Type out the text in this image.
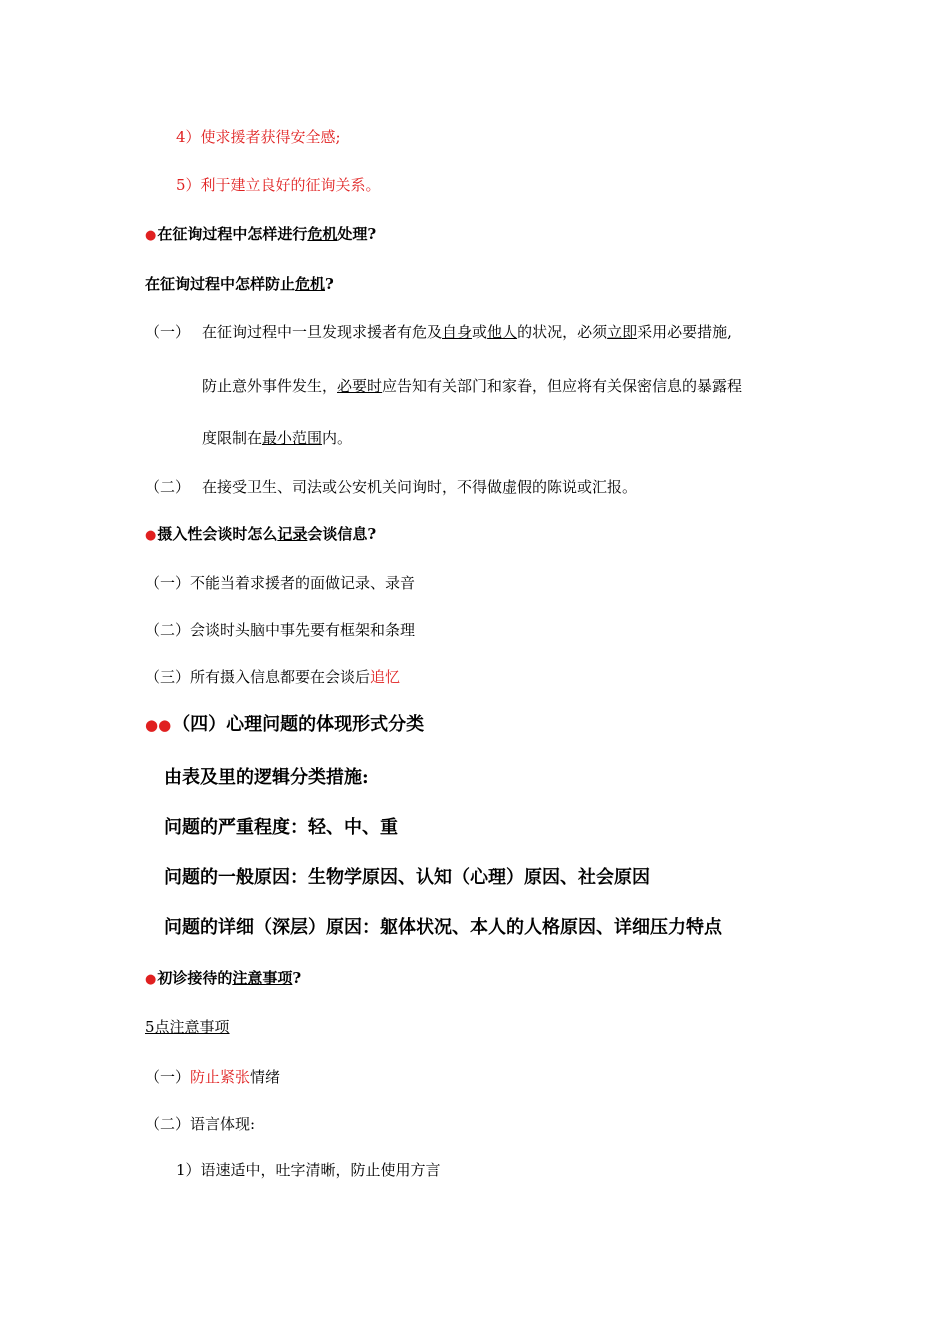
4）使求援者获得安全感;
5）利于建立良好的征询关系。
●在征询过程中怎样进行危机处理?
在征询过程中怎样防止危机?
（一） 在征询过程中一旦发现求援者有危及自身或他人的状况，必须立即采用必要措施,
防止意外事件发生，必要时应告知有关部门和家眷，但应将有关保密信息的暴露程
度限制在最小范围内。
（二） 在接受卫生、司法或公安机关问询时，不得做虚假的陈说或汇报。
●摄入性会谈时怎么记录会谈信息?
（一）不能当着求援者的面做记录、录音
（二）会谈时头脑中事先要有框架和条理
（三）所有摄入信息都要在会谈后追忆
●●（四）心理问题的体现形式分类
由表及里的逻辑分类措施:
问题的严重程度：轻、中、重
问题的一般原因：生物学原因、认知（心理）原因、社会原因
问题的详细（深层）原因：躯体状况、本人的人格原因、详细压力特点
●初诊接待的注意事项?
5点注意事项
（一）防止紧张情绪
（二）语言体现:
1）语速适中，吐字清晰，防止使用方言
